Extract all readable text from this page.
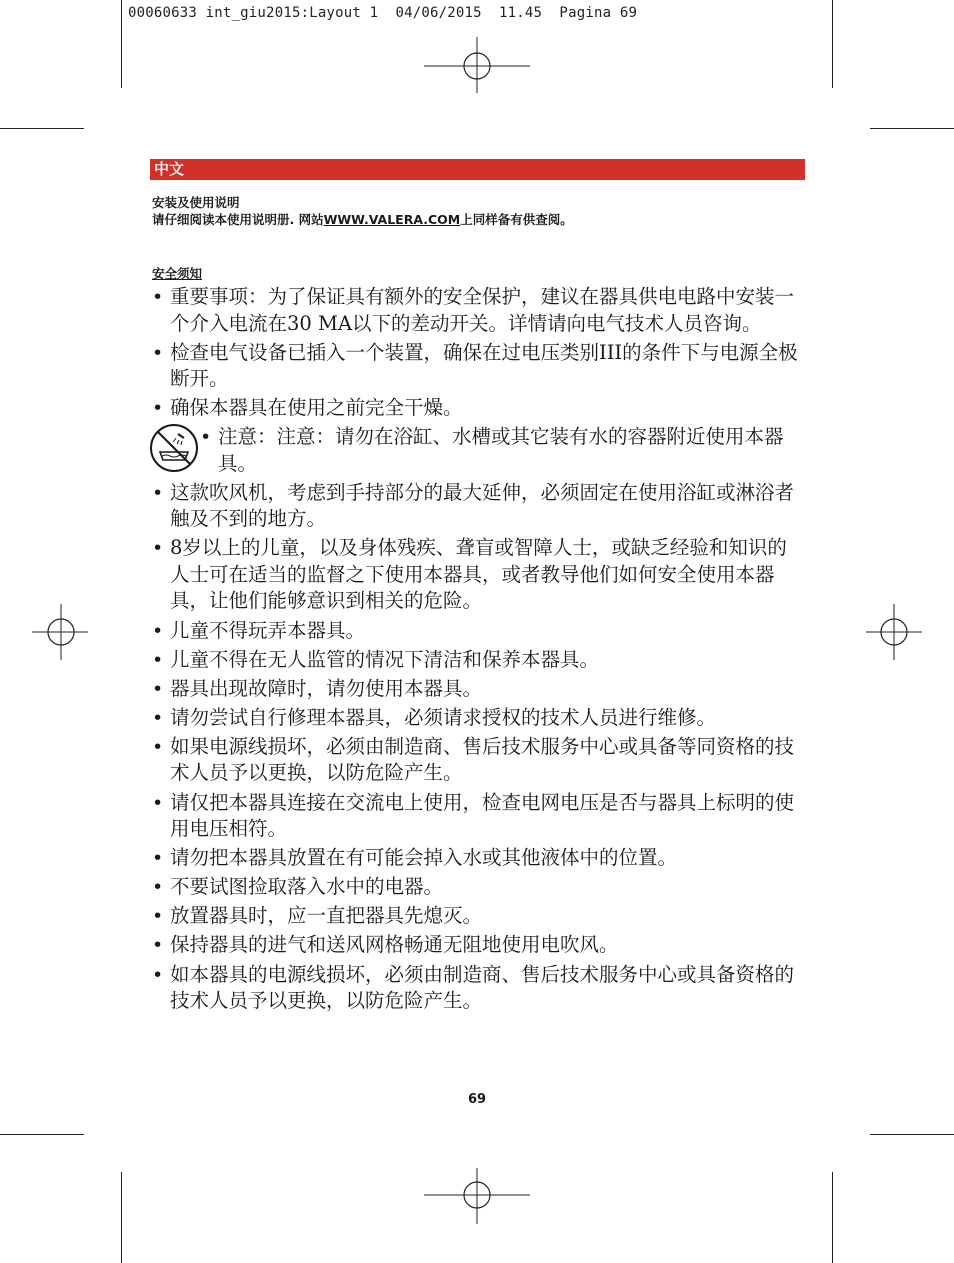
00060633 int_giu2015:Layout 1  04/06/2015  11.45  Pagina 69
中文
安装及使用说明
请仔细阅读本使用说明册. 网站WWW.VALERA.COM上同样备有供查阅。
安全须知
• 重要事项：为了保证具有额外的安全保护，建议在器具供电电路中安装一个介入电流在30 MA以下的差动开关。详情请向电气技术人员咨询。
• 检查电气设备已插入一个装置，确保在过电压类别III的条件下与电源全极断开。
• 确保本器具在使用之前完全干燥。
• 注意：注意：请勿在浴缸、水槽或其它装有水的容器附近使用本器具。
• 这款吹风机，考虑到手持部分的最大延伸，必须固定在使用浴缸或淋浴者触及不到的地方。
• 8岁以上的儿童，以及身体残疾、聋盲或智障人士，或缺乏经验和知识的人士可在适当的监督之下使用本器具，或者教导他们如何安全使用本器具，让他们能够意识到相关的危险。
• 儿童不得玩弄本器具。
• 儿童不得在无人监管的情况下清洁和保养本器具。
• 器具出现故障时，请勿使用本器具。
• 请勿尝试自行修理本器具，必须请求授权的技术人员进行维修。
• 如果电源线损坏，必须由制造商、售后技术服务中心或具备等同资格的技术人员予以更换，以防危险产生。
• 请仅把本器具连接在交流电上使用，检查电网电压是否与器具上标明的使用电压相符。
• 请勿把本器具放置在有可能会掉入水或其他液体中的位置。
• 不要试图捡取落入水中的电器。
• 放置器具时，应一直把器具先熄灭。
• 保持器具的进气和送风网格畅通无阻地使用电吹风。
• 如本器具的电源线损坏，必须由制造商、售后技术服务中心或具备资格的技术人员予以更换，以防危险产生。
69
